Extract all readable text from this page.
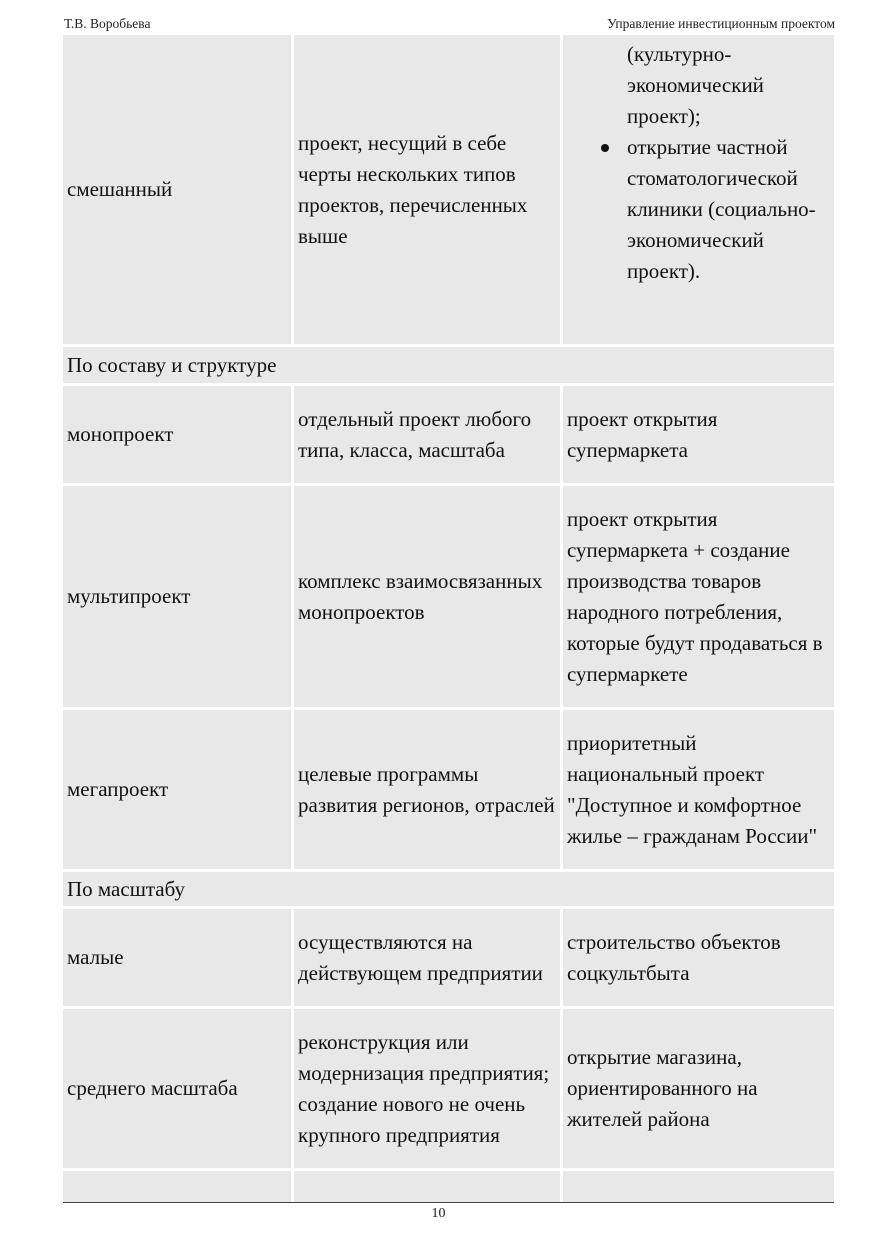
Т.В. Воробьева	Управление инвестиционным проектом
смешанный
проект, несущий в себе черты нескольких типов проектов, перечисленных выше
(культурно-экономический проект);
открытие частной стоматологической клиники (социально-экономический проект).
По составу и структуре
монопроект
отдельный проект любого типа, класса, масштаба
проект открытия супермаркета
мультипроект
комплекс взаимосвязанных монопроектов
проект открытия супермаркета + создание производства товаров народного потребления, которые будут продаваться в супермаркете
мегапроект
целевые программы развития регионов, отраслей
приоритетный национальный проект "Доступное и комфортное жилье – гражданам России"
По масштабу
малые
осуществляются на действующем предприятии
строительство объектов соцкультбыта
среднего масштаба
реконструкция или модернизация предприятия; создание нового не очень крупного предприятия
открытие магазина, ориентированного на жителей района
10
